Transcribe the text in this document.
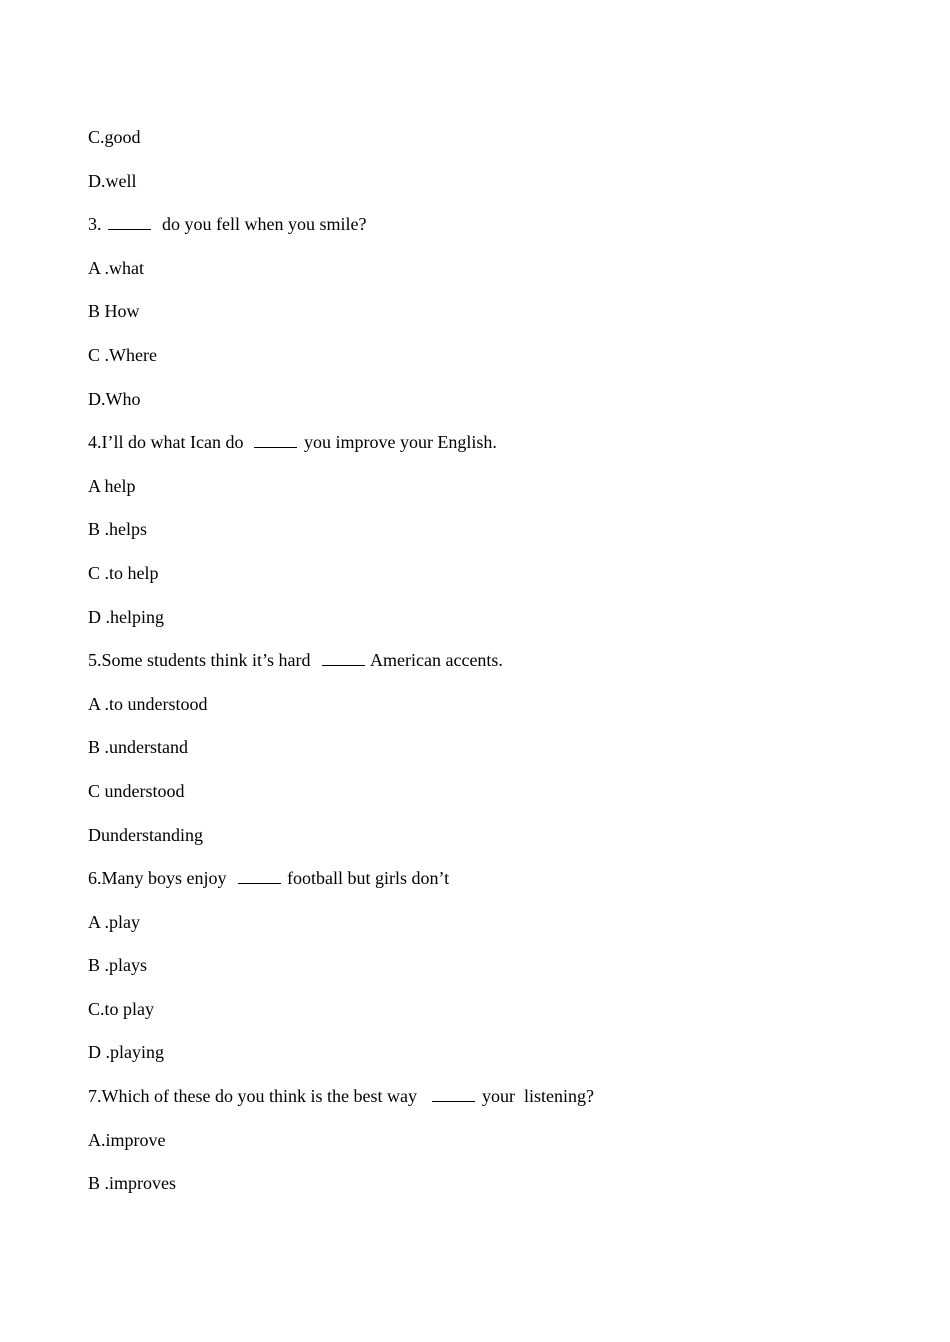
C.good
D.well
3.	do you fell when you smile?
A .what
B How
C .Where
D.Who
4.I’ll do what Ican do	you improve your English.
A help
B .helps
C .to help
D .helping
5.Some students think it’s hard	American accents.
A .to understood
B .understand
C understood
Dunderstanding
6.Many boys enjoy	football but girls don’t
A .play
B .plays
C.to play
D .playing
7.Which of these do you think is the best way	your  listening?
A.improve
B .improves
